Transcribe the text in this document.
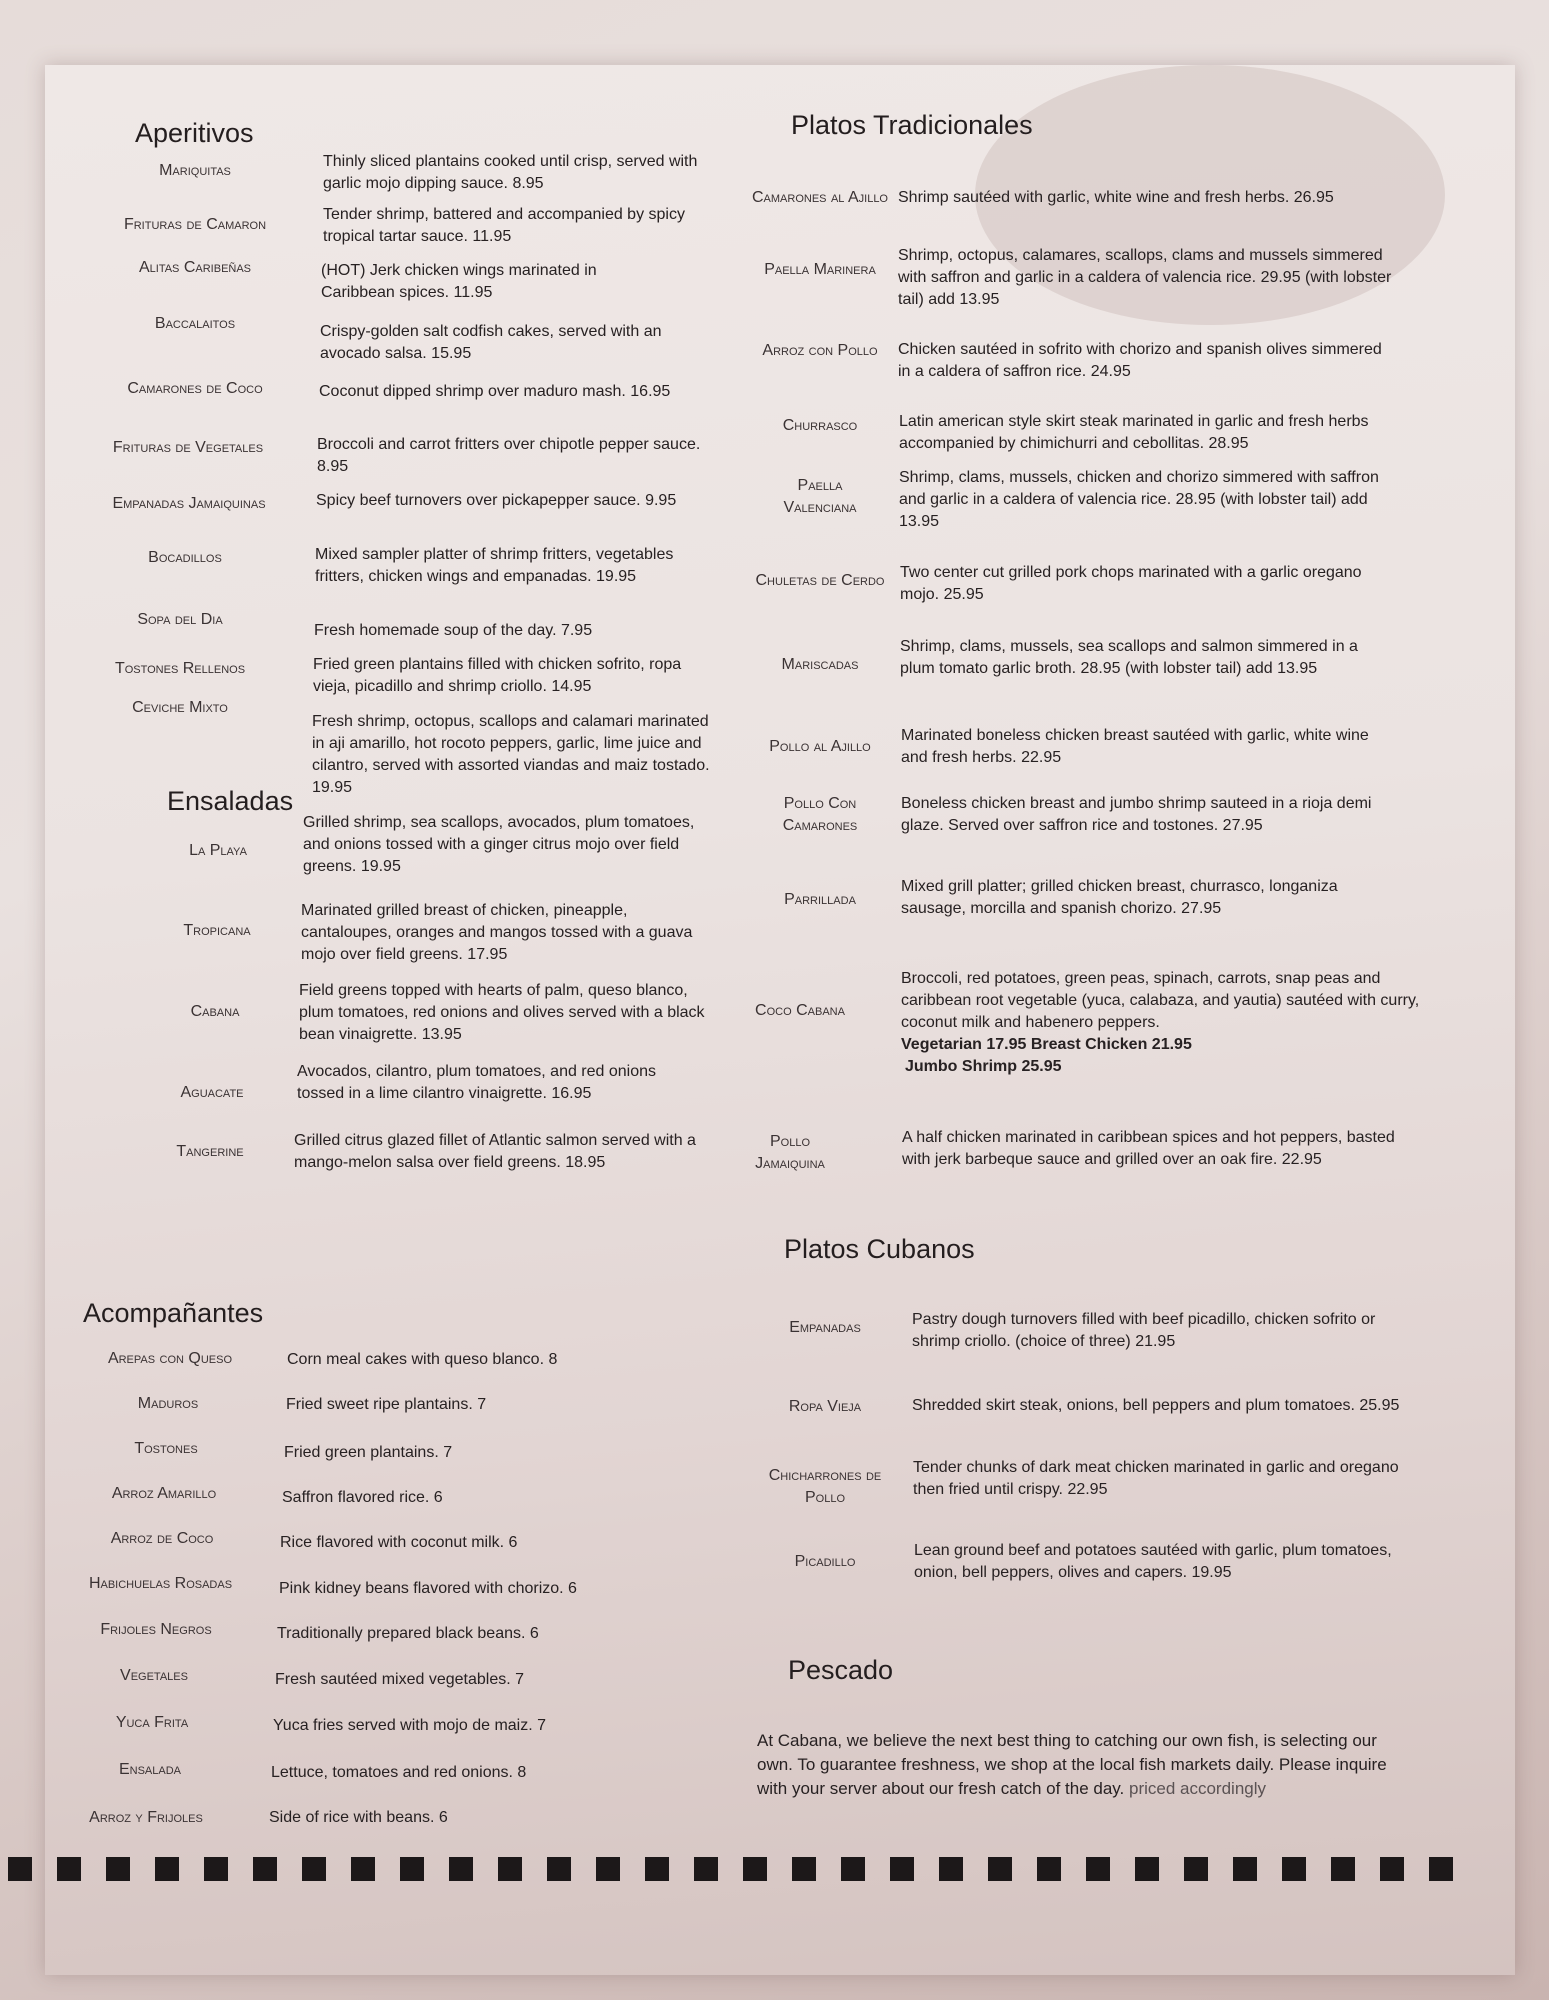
Aperitivos
Mariquitas
Thinly sliced plantains cooked until crisp, served with garlic mojo dipping sauce. 8.95
Frituras de Camaron
Tender shrimp, battered and accompanied by spicy tropical tartar sauce. 11.95
Alitas Caribeñas	(HOT) Jerk chicken wings marinated in Caribbean spices. 11.95
Baccalaitos	Crispy-golden salt codfish cakes, served with an avocado salsa. 15.95
Camarones de Coco	Coconut dipped shrimp over maduro mash. 16.95
Frituras de Vegetales	Broccoli and carrot fritters over chipotle pepper sauce. 8.95
Empanadas Jamaiquinas	Spicy beef turnovers over pickapepper sauce. 9.95
Bocadillos	Mixed sampler platter of shrimp fritters, vegetables fritters, chicken wings and empanadas. 19.95
Sopa del Dia
Fresh homemade soup of the day. 7.95
Tostones Rellenos	Fried green plantains filled with chicken sofrito, ropa vieja, picadillo and shrimp criollo. 14.95
Ceviche Mixto
Fresh shrimp, octopus, scallops and calamari marinated in aji amarillo, hot rocoto peppers, garlic, lime juice and cilantro, served with assorted viandas and maiz tostado. 19.95
Ensaladas
La Playa
Grilled shrimp, sea scallops, avocados, plum tomatoes, and onions tossed with a ginger citrus mojo over field greens. 19.95
Tropicana
Marinated grilled breast of chicken, pineapple, cantaloupes, oranges and mangos tossed with a guava mojo over field greens. 17.95
Cabana
Field greens topped with hearts of palm, queso blanco, plum tomatoes, red onions and olives served with a black bean vinaigrette. 13.95
Aguacate
Avocados, cilantro, plum tomatoes, and red onions tossed in a lime cilantro vinaigrette. 16.95
Tangerine
Grilled citrus glazed fillet of Atlantic salmon served with a mango-melon salsa over field greens. 18.95
Acompañantes
Arepas con Queso	Corn meal cakes with queso blanco. 8
Maduros	Fried sweet ripe plantains. 7
Tostones	Fried green plantains. 7
Arroz Amarillo	Saffron flavored rice. 6
Arroz de Coco	Rice flavored with coconut milk. 6
Habichuelas Rosadas	Pink kidney beans flavored with chorizo. 6
Frijoles Negros	Traditionally prepared black beans. 6
Vegetales	Fresh sautéed mixed vegetables. 7
Yuca Frita	Yuca fries served with mojo de maiz. 7
Ensalada	Lettuce, tomatoes and red onions. 8
Arroz y Frijoles	Side of rice with beans. 6
Platos Tradicionales
Camarones al Ajillo Shrimp sautéed with garlic, white wine and fresh herbs. 26.95
Paella Marinera
Shrimp, octopus, calamares, scallops, clams and mussels simmered with saffron and garlic in a caldera of valencia rice. 29.95 (with lobster tail) add 13.95
Arroz con Pollo	Chicken sautéed in sofrito with chorizo and spanish olives simmered in a caldera of saffron rice. 24.95
Churrasco	Latin american style skirt steak marinated in garlic and fresh herbs accompanied by chimichurri and cebollitas. 28.95
Paella Valenciana
Shrimp, clams, mussels, chicken and chorizo simmered with saffron and garlic in a caldera of valencia rice. 28.95 (with lobster tail) add 13.95
Chuletas de Cerdo Two center cut grilled pork chops marinated with a garlic oregano mojo. 25.95
Mariscadas
Shrimp, clams, mussels, sea scallops and salmon simmered in a plum tomato garlic broth. 28.95 (with lobster tail) add 13.95
Pollo al Ajillo
Marinated boneless chicken breast sautéed with garlic, white wine and fresh herbs. 22.95
Pollo Con Camarones
Boneless chicken breast and jumbo shrimp sauteed in a rioja demi glaze. Served over saffron rice and tostones. 27.95
Parrillada
Mixed grill platter; grilled chicken breast, churrasco, longaniza sausage, morcilla and spanish chorizo. 27.95
Coco Cabana
Broccoli, red potatoes, green peas, spinach, carrots, snap peas and caribbean root vegetable (yuca, calabaza, and yautia) sautéed with curry, coconut milk and habenero peppers.
Vegetarian 17.95 Breast Chicken 21.95
Jumbo Shrimp 25.95
Pollo Jamaiquina
A half chicken marinated in caribbean spices and hot peppers, basted with jerk barbeque sauce and grilled over an oak fire. 22.95
Platos Cubanos
Empanadas	Pastry dough turnovers filled with beef picadillo, chicken sofrito or shrimp criollo. (choice of three) 21.95
Ropa Vieja	Shredded skirt steak, onions, bell peppers and plum tomatoes. 25.95
Chicharrones de Pollo
Tender chunks of dark meat chicken marinated in garlic and oregano then fried until crispy. 22.95
Picadillo
Lean ground beef and potatoes sautéed with garlic, plum tomatoes, onion, bell peppers, olives and capers. 19.95
Pescado
At Cabana, we believe the next best thing to catching our own fish, is selecting our own. To guarantee freshness, we shop at the local fish markets daily. Please inquire with your server about our fresh catch of the day. priced accordingly
